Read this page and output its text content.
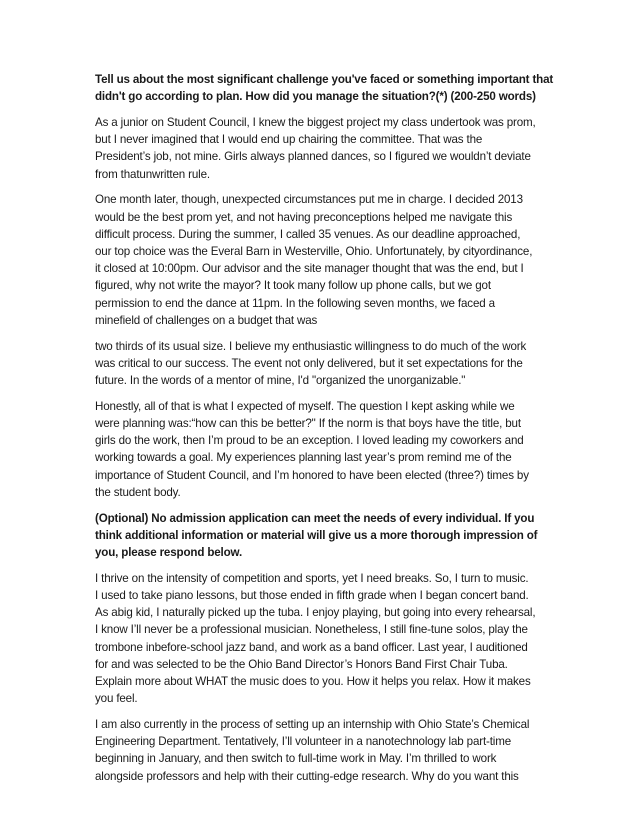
Tell us about the most significant challenge you've faced or something important that
didn't go according to plan. How did you manage the situation?(*) (200-250 words)
As a junior on Student Council, I knew the biggest project my class undertook was prom,
but I never imagined that I would end up chairing the committee. That was the
President’s job, not mine. Girls always planned dances, so I figured we wouldn’t deviate
from thatunwritten rule.
One month later, though, unexpected circumstances put me in charge. I decided 2013
would be the best prom yet, and not having preconceptions helped me navigate this
difficult process. During the summer, I called 35 venues. As our deadline approached,
our top choice was the Everal Barn in Westerville, Ohio. Unfortunately, by cityordinance,
it closed at 10:00pm. Our advisor and the site manager thought that was the end, but I
figured, why not write the mayor? It took many follow up phone calls, but we got
permission to end the dance at 11pm. In the following seven months, we faced a
minefield of challenges on a budget that was
two thirds of its usual size. I believe my enthusiastic willingness to do much of the work
was critical to our success. The event not only delivered, but it set expectations for the
future. In the words of a mentor of mine, I'd "organized the unorganizable."
Honestly, all of that is what I expected of myself. The question I kept asking while we
were planning was:“how can this be better?" If the norm is that boys have the title, but
girls do the work, then I’m proud to be an exception. I loved leading my coworkers and
working towards a goal. My experiences planning last year’s prom remind me of the
importance of Student Council, and I’m honored to have been elected (three?) times by
the student body.
(Optional) No admission application can meet the needs of every individual. If you
think additional information or material will give us a more thorough impression of
you, please respond below.
I thrive on the intensity of competition and sports, yet I need breaks. So, I turn to music.
I used to take piano lessons, but those ended in fifth grade when I began concert band.
As abig kid, I naturally picked up the tuba. I enjoy playing, but going into every rehearsal,
I know I’ll never be a professional musician. Nonetheless, I still fine-tune solos, play the
trombone inbefore-school jazz band, and work as a band officer. Last year, I auditioned
for and was selected to be the Ohio Band Director’s Honors Band First Chair Tuba.
Explain more about WHAT the music does to you. How it helps you relax. How it makes
you feel.
I am also currently in the process of setting up an internship with Ohio State’s Chemical
Engineering Department. Tentatively, I’ll volunteer in a nanotechnology lab part-time
beginning in January, and then switch to full-time work in May. I’m thrilled to work
alongside professors and help with their cutting-edge research. Why do you want this
